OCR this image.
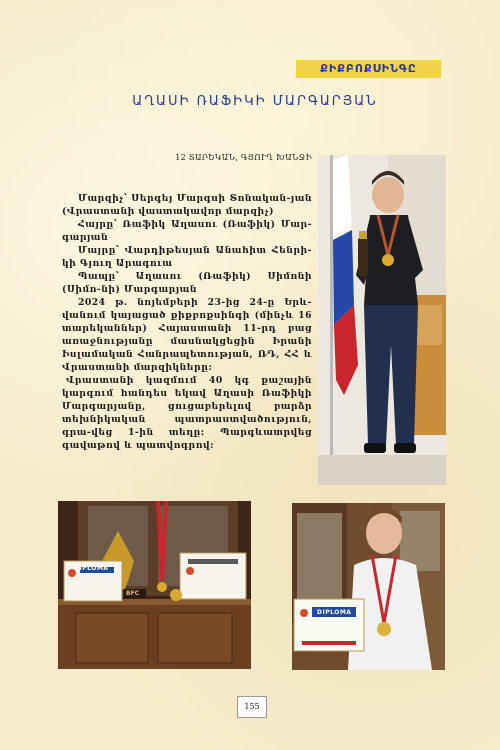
ՔԻՔԲՈՔՍԻՆԳԸ
ԱՂԱՍԻ ՌԱՖԻԿԻ ՄԱՐԳԱՐՅԱՆ
12 ՏԱՐԵԿԱՆ, ԳՅՈՒՂ ԽԱՆՋԻ

Մարզիչ՝ Սերգեյ Մարգսի Տոնական-յան (Վրաստանի վաստակավոր մարզիչ)

Հայրը՝ Ռաֆիկ Աղասու (Ռաֆիկ) Մար-գարյան

Մայրը՝ Վարդիթեսյան Անահիտ Հենրի-կի Գյուղ Արագուա

Պապը՝ Աղասու (Ռաֆիկ) Սիմոնի (Սիմո-նի) Մարգարյան

2024 թ. նոյեմբերի 23-ից 24-ը Երև-վանում կայացած քիքբոքսինգի (մինչև 16 տարեկաններ) Հայաստանի 11-րդ բաց առաջնությանը մասնակցեցին Իրանի Իսլամական Հանրապետության, ՌԴ, ՀՀ և Վրաստանի մարզիկները:

Վրաստանի կազմում 40 կգ քաշային կարգում հանդես եկավ Աղասի Ռաֆիկի Մարգարյանը, ցուցաբերելով բարձր տեխնիկական պատրաստվածություն, գրա-վեց 1-ին տեղը: Պարգևատրվեց գավաթով և պատվոգրով:

DIPLOMA
BFC
DIPLOMA
155
